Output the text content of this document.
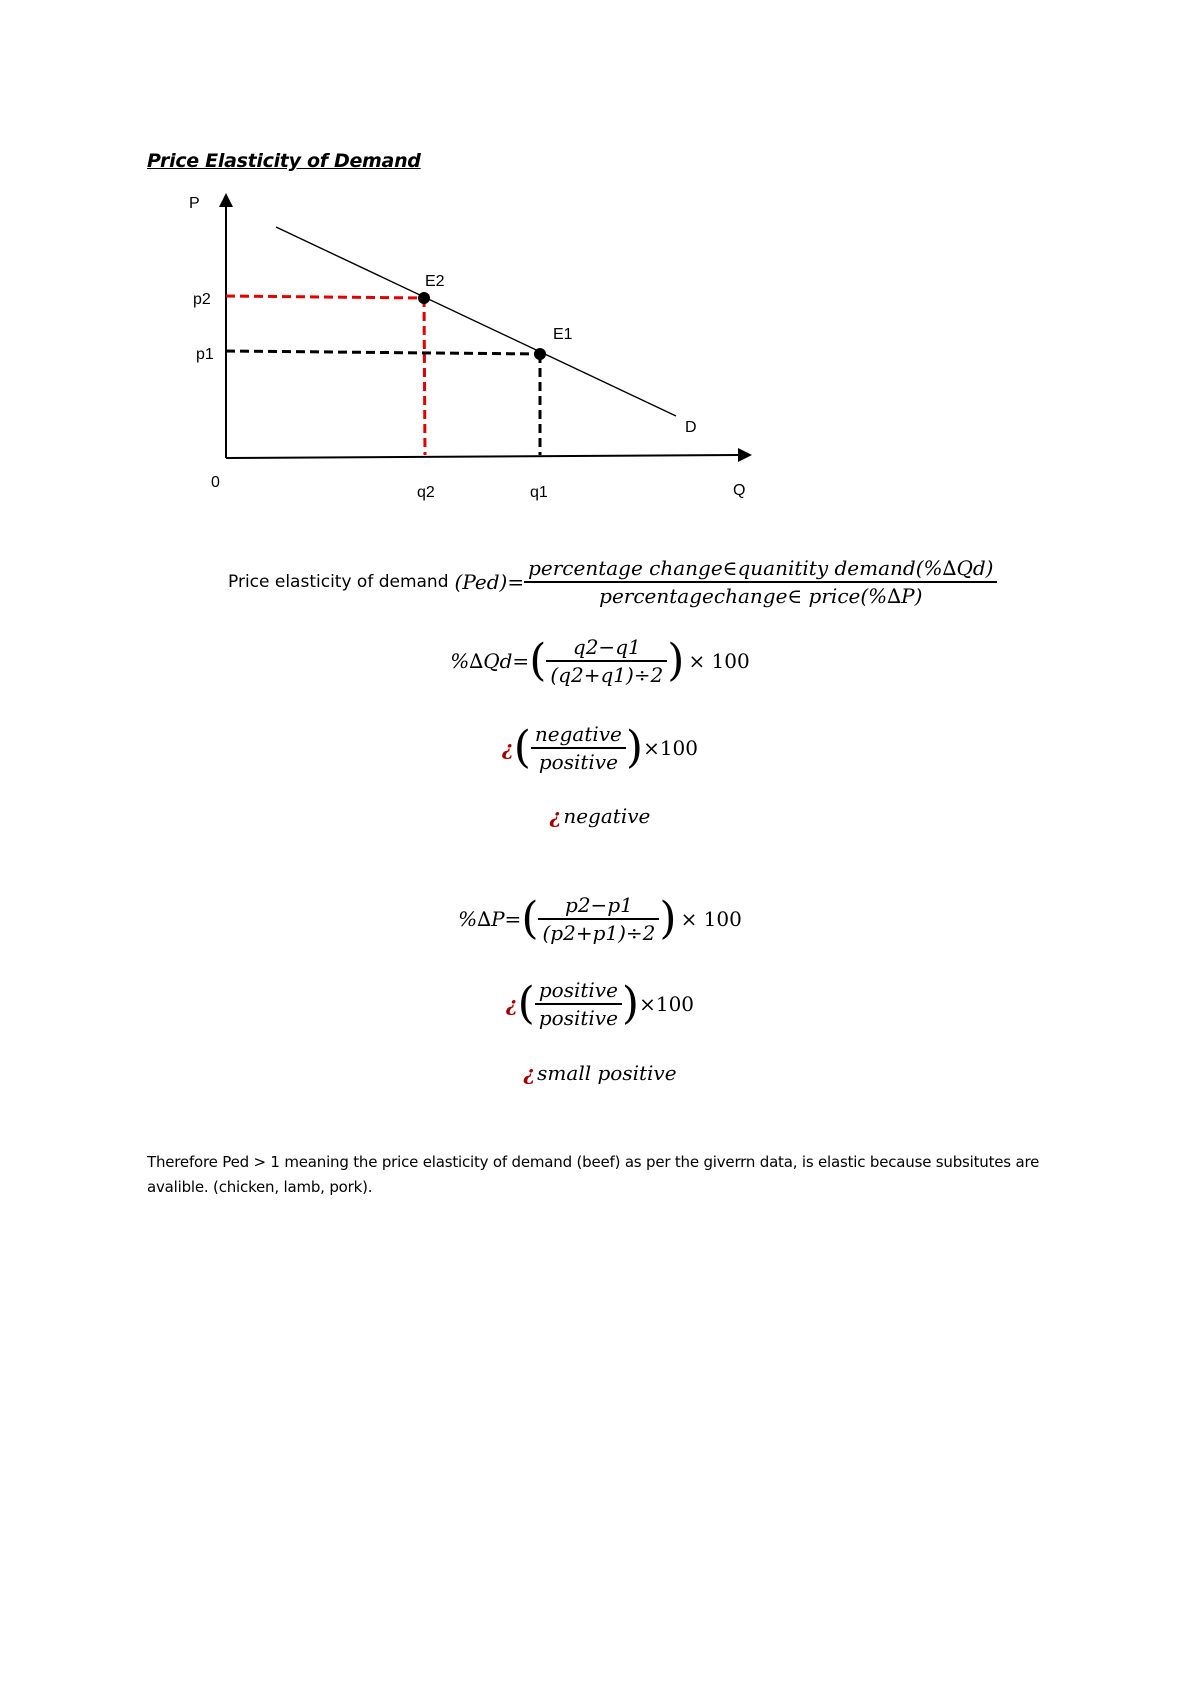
Price Elasticity of Demand
P
Q
0
p2
p1
q2	q1
E2
E1
D
Price elasticity of demand $(Ped)= \frac{\text{percentage change∈quanitity demand(\%∆Qd)}}{\text{percentagechange∈ price(\%∆P)}}$
%∆Qd= ( $\frac{q2-q1}{(q2+q1)\div 2}$ ) × 100
¿ ( $\frac{\text{negative}}{\text{positive}}$ ) ×100
¿ negative
%∆P= ( $\frac{p2-p1}{(p2+p1)\div 2}$ ) × 100
¿ ( $\frac{\text{positive}}{\text{positive}}$ ) ×100
¿ small positive
Therefore Ped > 1 meaning the price elasticity of demand (beef) as per the giverrn data, is elastic because subsitutes are avalible. (chicken, lamb, pork).
